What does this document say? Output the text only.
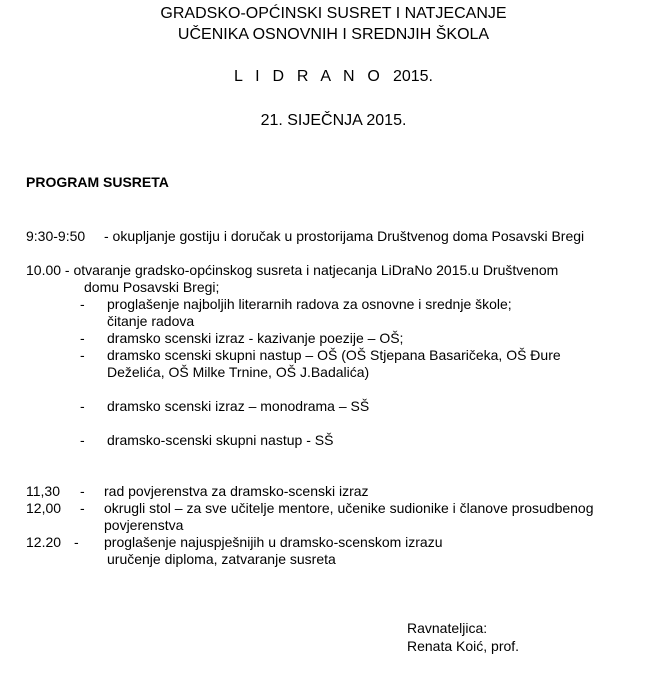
GRADSKO-OPĆINSKI SUSRET I NATJECANJE
UČENIKA OSNOVNIH I SREDNJIH ŠKOLA
L I D R A N O 2015.
21. SIJEČNJA 2015.
PROGRAM SUSRETA
9:30-9:50 - okupljanje gostiju i doručak u prostorijama Društvenog doma Posavski Bregi
10.00 - otvaranje gradsko-općinskog susreta i natjecanja LiDraNo 2015.u Društvenom
domu Posavski Bregi;
- proglašenje najboljih literarnih radova za osnovne i srednje škole;
čitanje radova
- dramsko scenski izraz - kazivanje poezije – OŠ;
- dramsko scenski skupni nastup – OŠ (OŠ Stjepana Basaričeka, OŠ Đure
Deželića, OŠ Milke Trnine, OŠ J.Badalića)
- dramsko scenski izraz – monodrama – SŠ
- dramsko-scenski skupni nastup - SŠ
11,30 - rad povjerenstva za dramsko-scenski izraz
12,00 - okrugli stol – za sve učitelje mentore, učenike sudionike i članove prosudbenog
povjerenstva
12.20 - proglašenje najuspješnijih u dramsko-scenskom izrazu
uručenje diploma, zatvaranje susreta
Ravnateljica:
Renata Koić, prof.
